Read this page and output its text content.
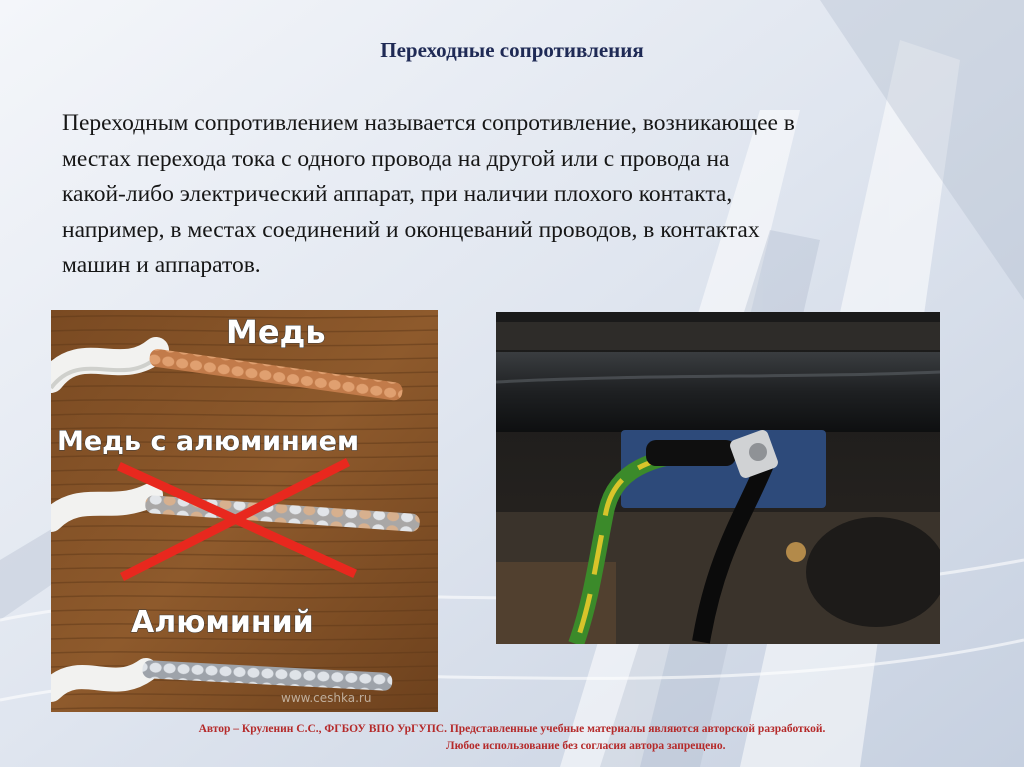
Переходные сопротивления
Переходным сопротивлением называется сопротивление, возникающее в
местах перехода тока с одного провода на другой или с провода на
какой-либо электрический аппарат, при наличии плохого контакта,
например, в местах соединений и оконцеваний проводов, в контактах
машин и аппаратов.
Медь
Медь с алюминием
Алюминий
www.ceshka.ru
Автор – Круленин С.С., ФГБОУ ВПО УрГУПС. Представленные учебные материалы являются авторской разработкой.
Любое использование без согласия автора запрещено.
